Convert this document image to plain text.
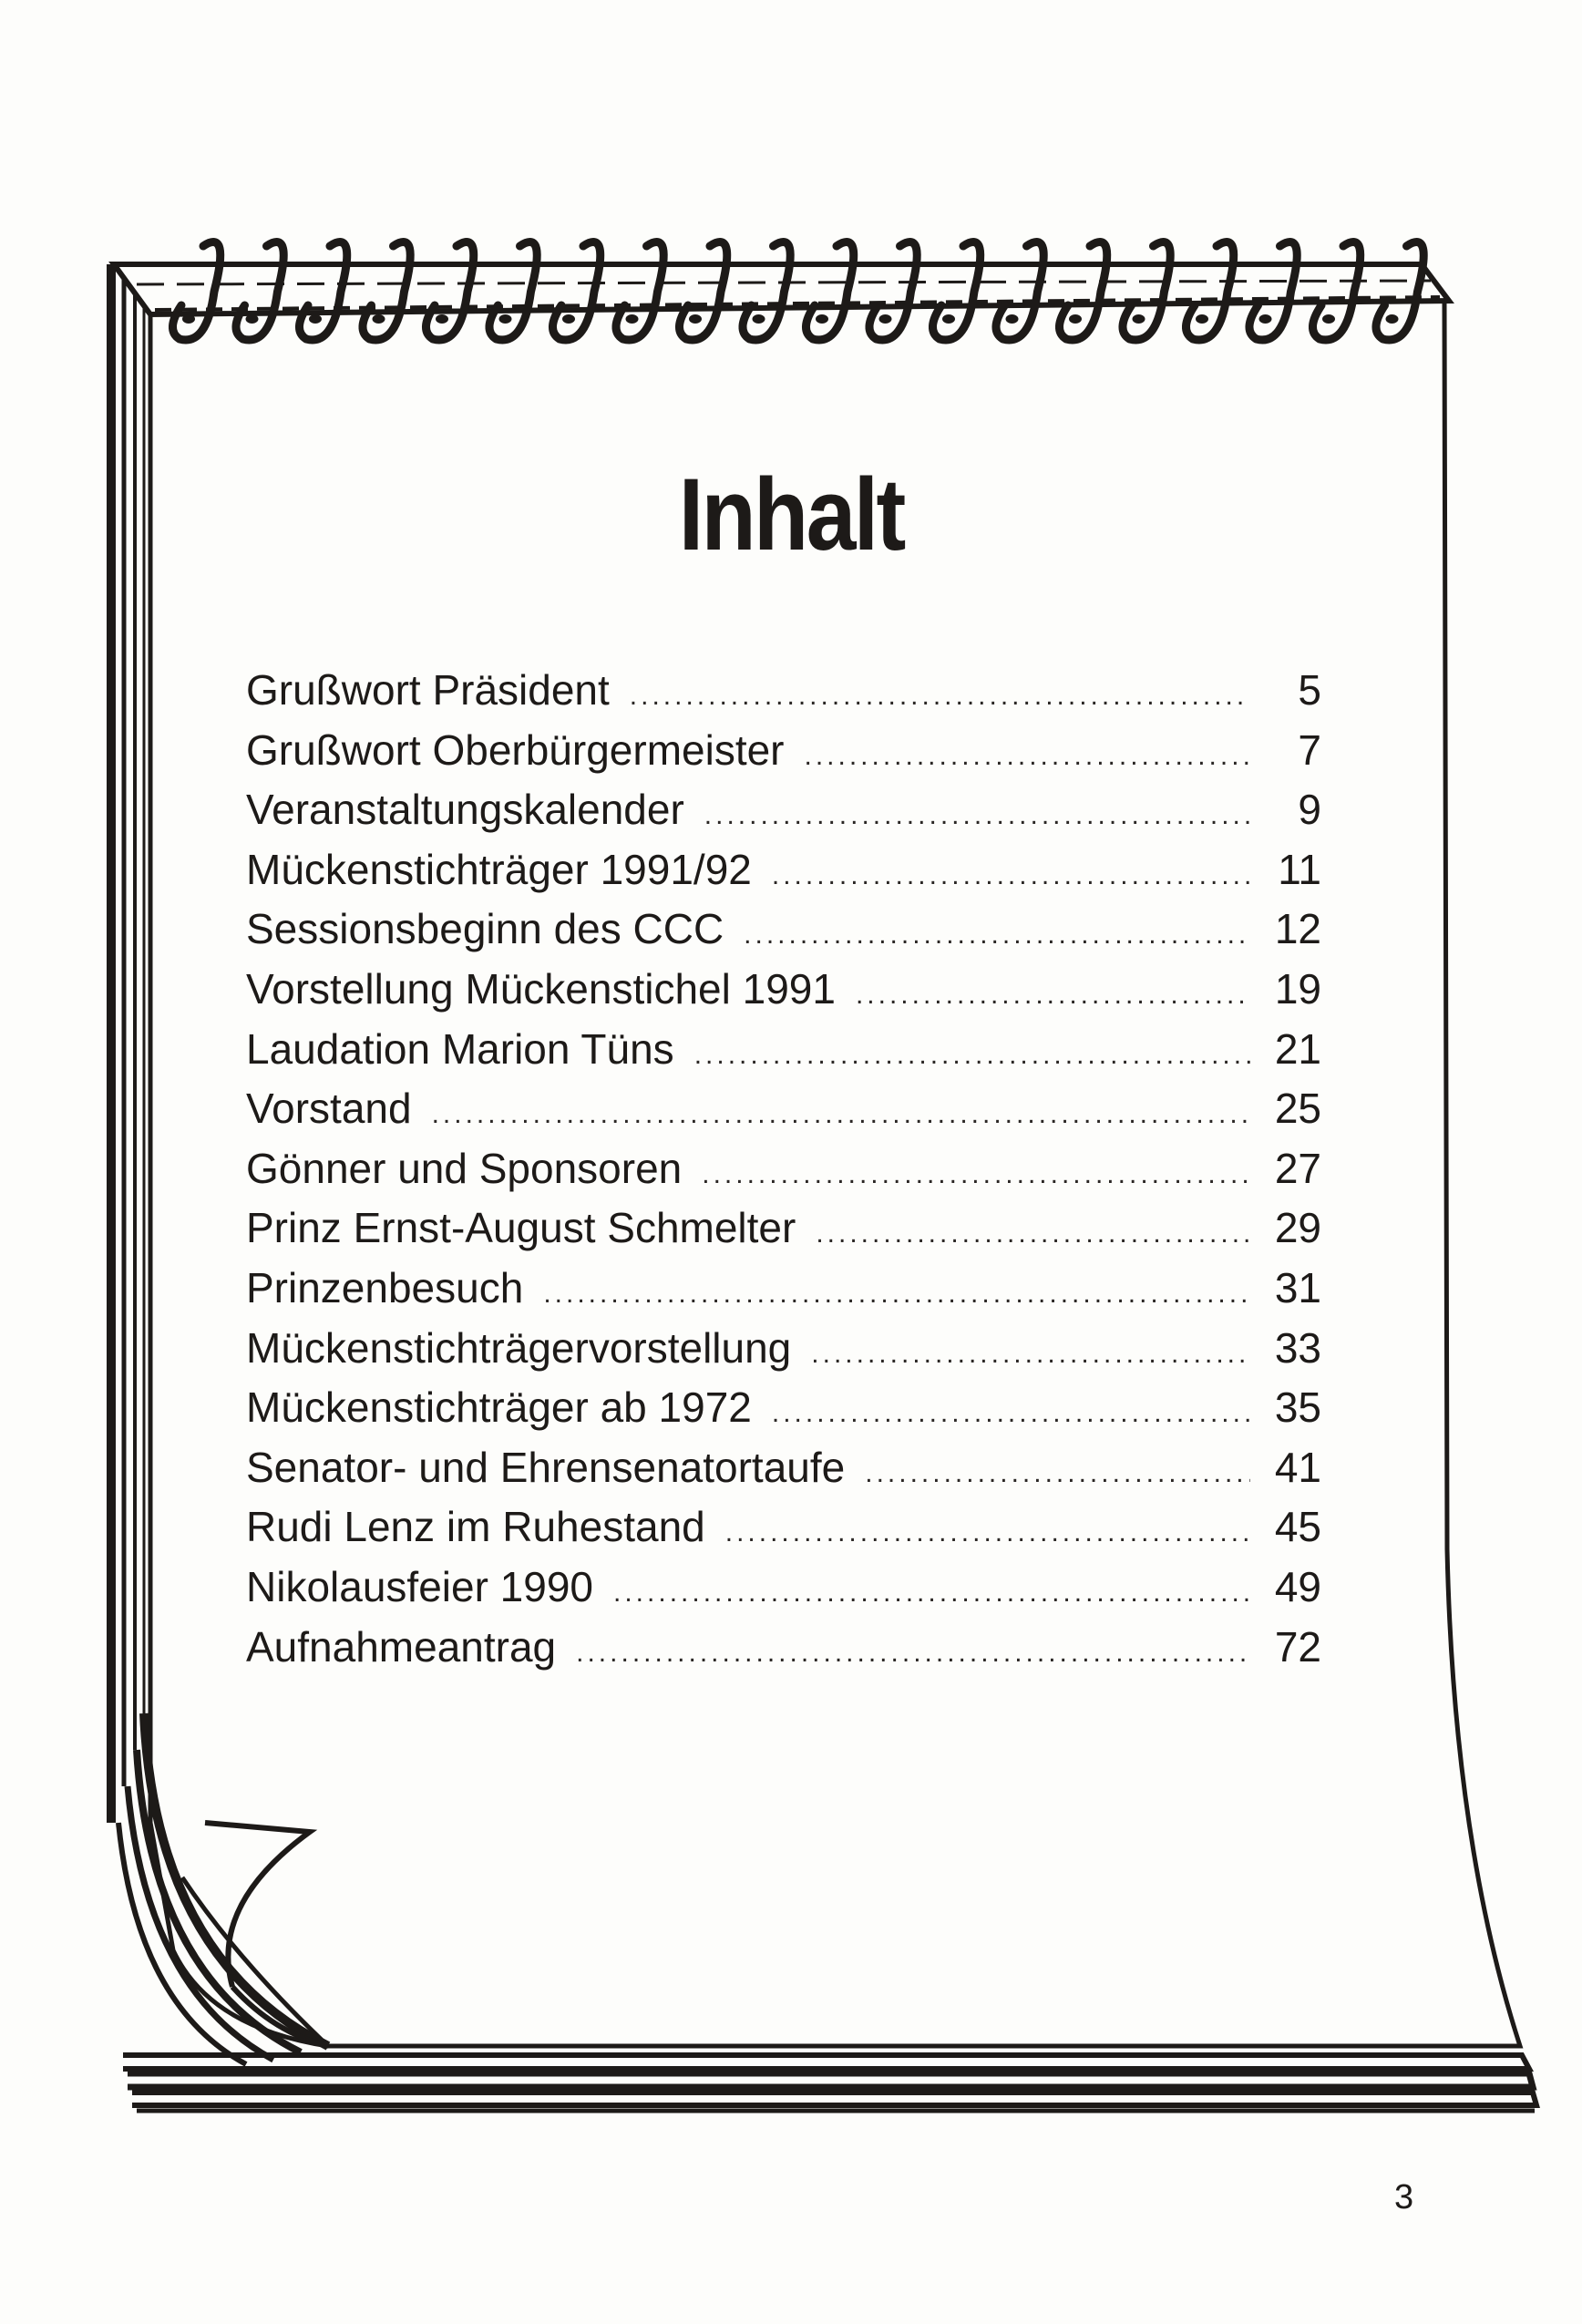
Inhalt
Grußwort Präsident .....	5
Grußwort Oberbürgermeister .....	7
Veranstaltungskalender .....	9
Mückenstichträger 1991/92 .....	11
Sessionsbeginn des CCC .....	12
Vorstellung Mückenstichel 1991 .....	19
Laudation Marion Tüns .....	21
Vorstand .....	25
Gönner und Sponsoren .....	27
Prinz Ernst-August Schmelter .....	29
Prinzenbesuch .....	31
Mückenstichträgervorstellung .....	33
Mückenstichträger ab 1972 .....	35
Senator- und Ehrensenatortaufe .....	41
Rudi Lenz im Ruhestand .....	45
Nikolausfeier 1990 .....	49
Aufnahmeantrag .....	72
3
